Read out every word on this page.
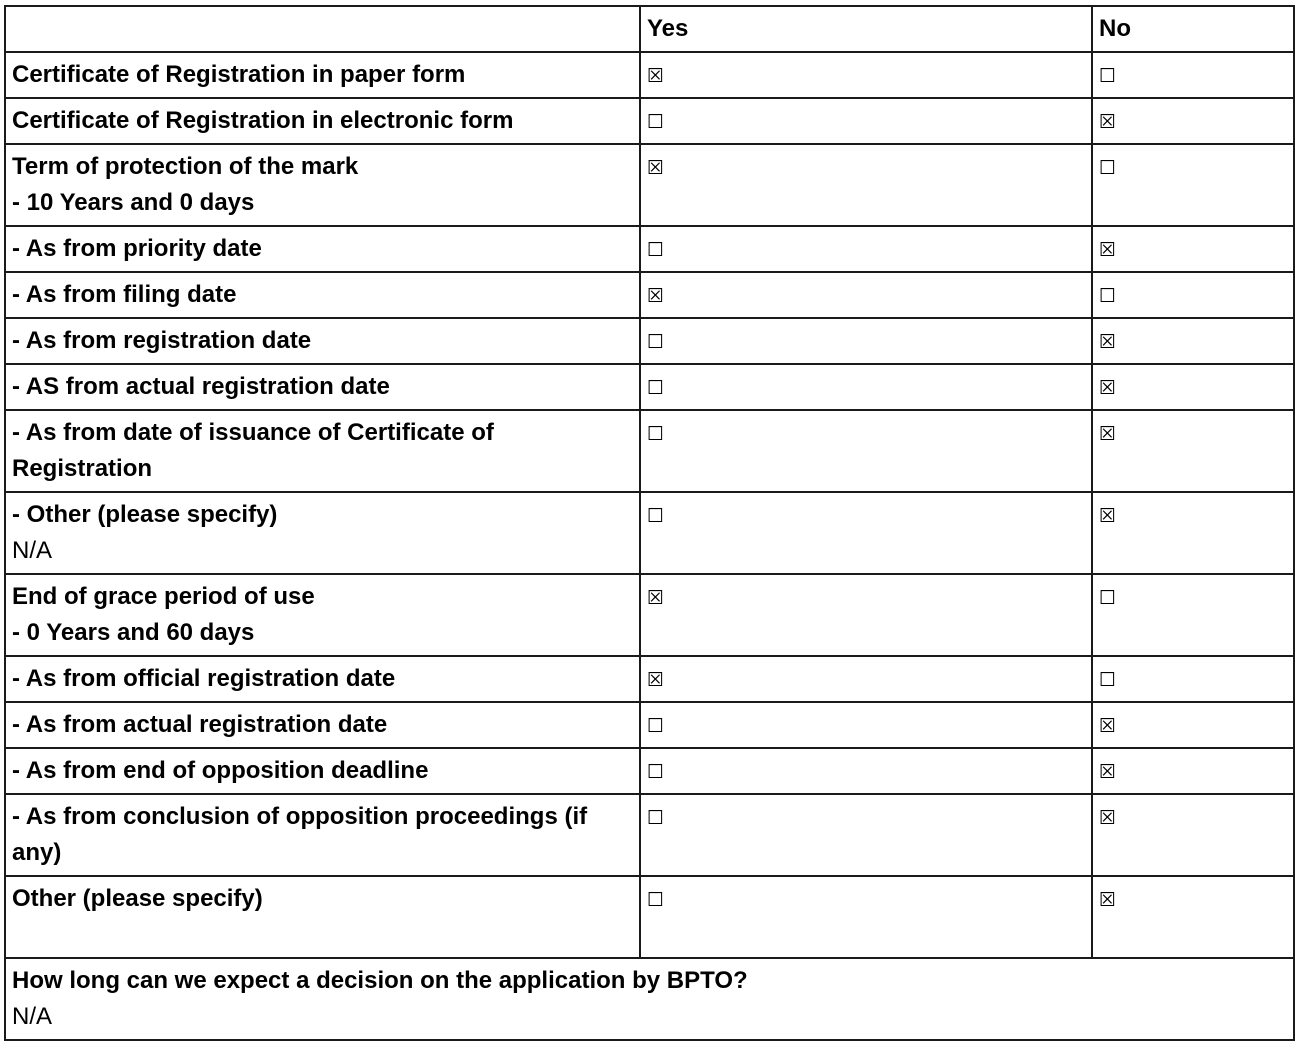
	Yes	No

Certificate of Registration in paper form	☒	☐

Certificate of Registration in electronic form	☐	☒

Term of protection of the mark
- 10 Years and 0 days	☒	☐

- As from priority date	☐	☒

- As from filing date	☒	☐

- As from registration date	☐	☒

- AS from actual registration date	☐	☒

- As from date of issuance of Certificate of Registration	☐	☒

- Other (please specify)
N/A	☐	☒

End of grace period of use
- 0 Years and 60 days	☒	☐

- As from official registration date	☒	☐

- As from actual registration date	☐	☒

- As from end of opposition deadline	☐	☒

- As from conclusion of opposition proceedings (if any)	☐	☒

Other (please specify)	☐	☒

How long can we expect a decision on the application by BPTO?
N/A		
